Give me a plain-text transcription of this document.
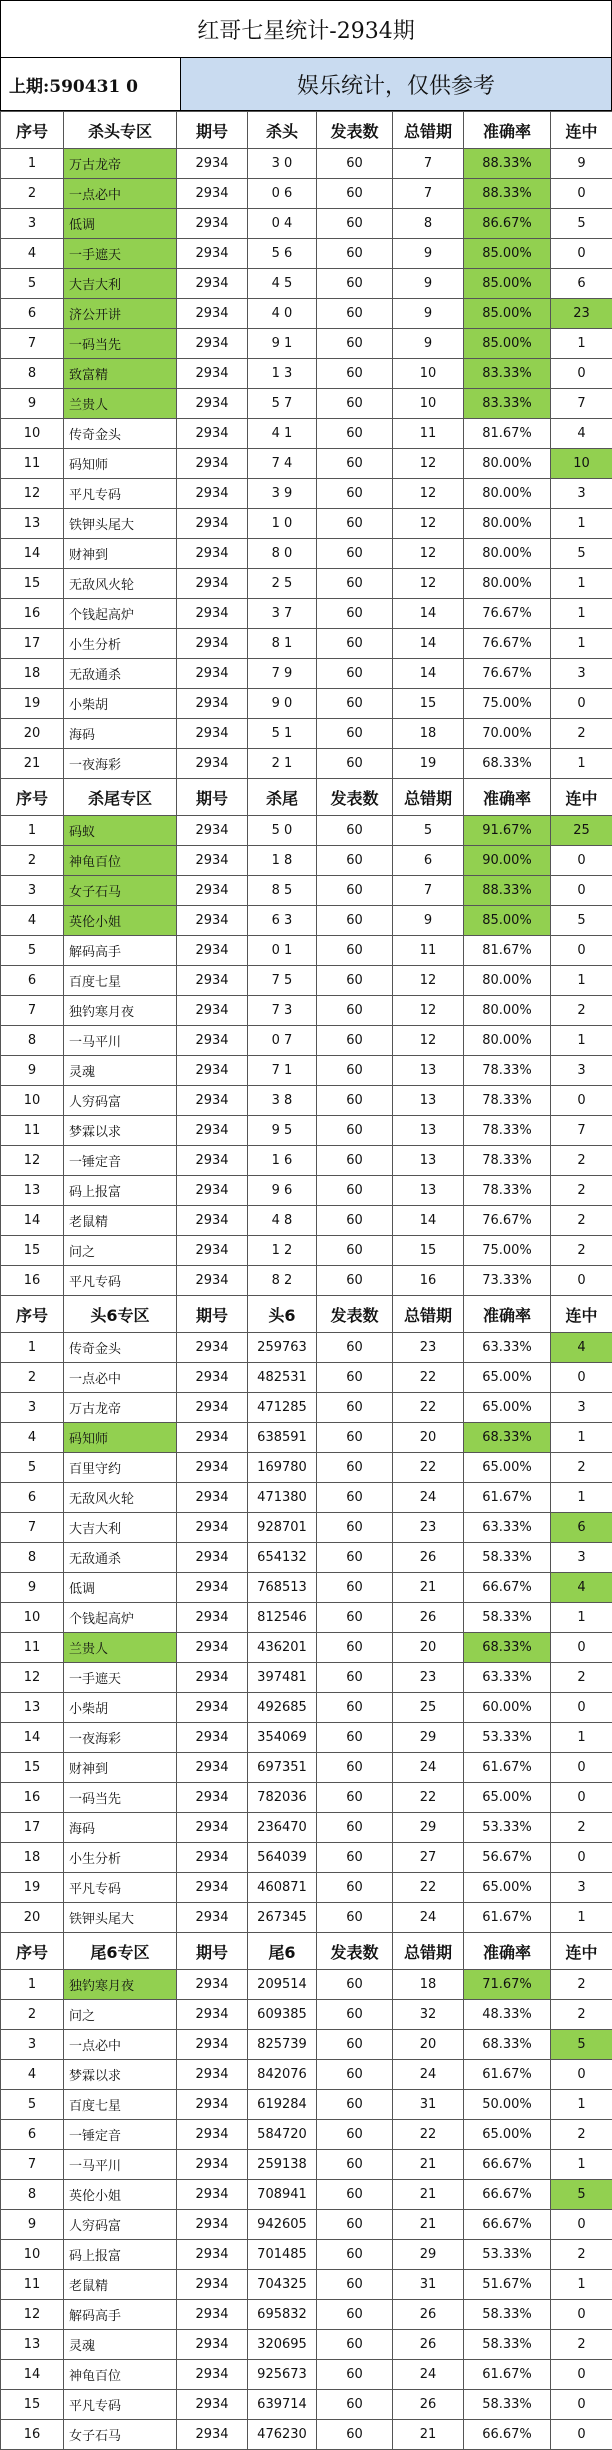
红哥七星统计-2934期
上期:590431 0	娱乐统计，仅供参考
序号	杀头专区	期号	杀头	发表数	总错期	准确率	连中
1	万古龙帝	2934	3 0	60	7	88.33%	9
2	一点必中	2934	0 6	60	7	88.33%	0
3	低调	2934	0 4	60	8	86.67%	5
4	一手遮天	2934	5 6	60	9	85.00%	0
5	大吉大利	2934	4 5	60	9	85.00%	6
6	济公开讲	2934	4 0	60	9	85.00%	23
7	一码当先	2934	9 1	60	9	85.00%	1
8	致富精	2934	1 3	60	10	83.33%	0
9	兰贵人	2934	5 7	60	10	83.33%	7
10	传奇金头	2934	4 1	60	11	81.67%	4
11	码知师	2934	7 4	60	12	80.00%	10
12	平凡专码	2934	3 9	60	12	80.00%	3
13	铁钾头尾大	2934	1 0	60	12	80.00%	1
14	财神到	2934	8 0	60	12	80.00%	5
15	无敌风火轮	2934	2 5	60	12	80.00%	1
16	个钱起高炉	2934	3 7	60	14	76.67%	1
17	小生分析	2934	8 1	60	14	76.67%	1
18	无敌通杀	2934	7 9	60	14	76.67%	3
19	小柴胡	2934	9 0	60	15	75.00%	0
20	海码	2934	5 1	60	18	70.00%	2
21	一夜海彩	2934	2 1	60	19	68.33%	1
序号	杀尾专区	期号	杀尾	发表数	总错期	准确率	连中
1	码蚁	2934	5 0	60	5	91.67%	25
2	神龟百位	2934	1 8	60	6	90.00%	0
3	女子石马	2934	8 5	60	7	88.33%	0
4	英伦小姐	2934	6 3	60	9	85.00%	5
5	解码高手	2934	0 1	60	11	81.67%	0
6	百度七星	2934	7 5	60	12	80.00%	1
7	独钓寒月夜	2934	7 3	60	12	80.00%	2
8	一马平川	2934	0 7	60	12	80.00%	1
9	灵魂	2934	7 1	60	13	78.33%	3
10	人穷码富	2934	3 8	60	13	78.33%	0
11	梦霖以求	2934	9 5	60	13	78.33%	7
12	一锤定音	2934	1 6	60	13	78.33%	2
13	码上报富	2934	9 6	60	13	78.33%	2
14	老鼠精	2934	4 8	60	14	76.67%	2
15	问之	2934	1 2	60	15	75.00%	2
16	平凡专码	2934	8 2	60	16	73.33%	0
序号	头6专区	期号	头6	发表数	总错期	准确率	连中
1	传奇金头	2934	259763	60	23	63.33%	4
2	一点必中	2934	482531	60	22	65.00%	0
3	万古龙帝	2934	471285	60	22	65.00%	3
4	码知师	2934	638591	60	20	68.33%	1
5	百里守约	2934	169780	60	22	65.00%	2
6	无敌风火轮	2934	471380	60	24	61.67%	1
7	大吉大利	2934	928701	60	23	63.33%	6
8	无敌通杀	2934	654132	60	26	58.33%	3
9	低调	2934	768513	60	21	66.67%	4
10	个钱起高炉	2934	812546	60	26	58.33%	1
11	兰贵人	2934	436201	60	20	68.33%	0
12	一手遮天	2934	397481	60	23	63.33%	2
13	小柴胡	2934	492685	60	25	60.00%	0
14	一夜海彩	2934	354069	60	29	53.33%	1
15	财神到	2934	697351	60	24	61.67%	0
16	一码当先	2934	782036	60	22	65.00%	0
17	海码	2934	236470	60	29	53.33%	2
18	小生分析	2934	564039	60	27	56.67%	0
19	平凡专码	2934	460871	60	22	65.00%	3
20	铁钾头尾大	2934	267345	60	24	61.67%	1
序号	尾6专区	期号	尾6	发表数	总错期	准确率	连中
1	独钓寒月夜	2934	209514	60	18	71.67%	2
2	问之	2934	609385	60	32	48.33%	2
3	一点必中	2934	825739	60	20	68.33%	5
4	梦霖以求	2934	842076	60	24	61.67%	0
5	百度七星	2934	619284	60	31	50.00%	1
6	一锤定音	2934	584720	60	22	65.00%	2
7	一马平川	2934	259138	60	21	66.67%	1
8	英伦小姐	2934	708941	60	21	66.67%	5
9	人穷码富	2934	942605	60	21	66.67%	0
10	码上报富	2934	701485	60	29	53.33%	2
11	老鼠精	2934	704325	60	31	51.67%	1
12	解码高手	2934	695832	60	26	58.33%	0
13	灵魂	2934	320695	60	26	58.33%	2
14	神龟百位	2934	925673	60	24	61.67%	0
15	平凡专码	2934	639714	60	26	58.33%	0
16	女子石马	2934	476230	60	21	66.67%	0
